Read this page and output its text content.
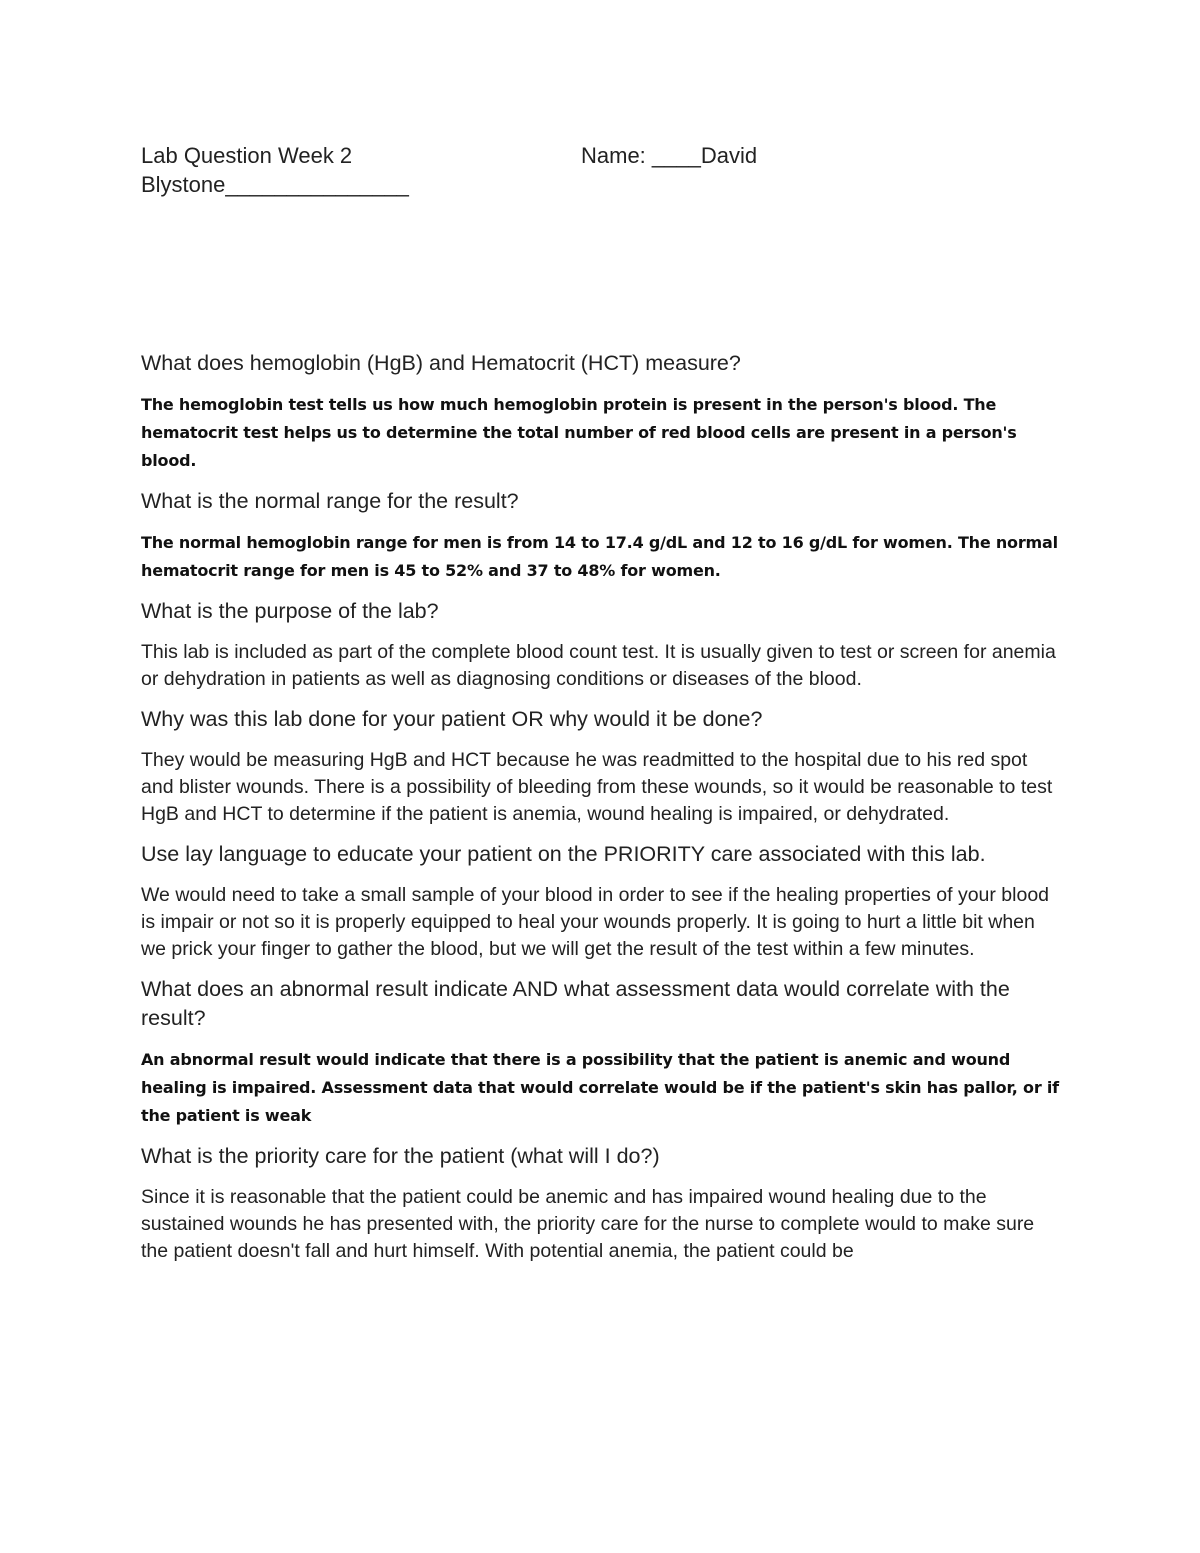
Lab Question Week 2	Name: ____David
Blystone_______________
What does hemoglobin (HgB) and Hematocrit (HCT) measure?
The hemoglobin test tells us how much hemoglobin protein is present in the person's blood. The hematocrit test helps us to determine the total number of red blood cells are present in a person's blood.
What is the normal range for the result?
The normal hemoglobin range for men is from 14 to 17.4 g/dL and 12 to 16 g/dL for women. The normal hematocrit range for men is 45 to 52% and 37 to 48% for women.
What is the purpose of the lab?
This lab is included as part of the complete blood count test. It is usually given to test or screen for anemia or dehydration in patients as well as diagnosing conditions or diseases of the blood.
Why was this lab done for your patient OR why would it be done?
They would be measuring HgB and HCT because he was readmitted to the hospital due to his red spot and blister wounds. There is a possibility of bleeding from these wounds, so it would be reasonable to test HgB and HCT to determine if the patient is anemia, wound healing is impaired, or dehydrated.
Use lay language to educate your patient on the PRIORITY care associated with this lab.
We would need to take a small sample of your blood in order to see if the healing properties of your blood is impair or not so it is properly equipped to heal your wounds properly. It is going to hurt a little bit when we prick your finger to gather the blood, but we will get the result of the test within a few minutes.
What does an abnormal result indicate AND what assessment data would correlate with the result?
An abnormal result would indicate that there is a possibility that the patient is anemic and wound healing is impaired. Assessment data that would correlate would be if the patient's skin has pallor, or if the patient is weak
What is the priority care for the patient (what will I do?)
Since it is reasonable that the patient could be anemic and has impaired wound healing due to the sustained wounds he has presented with, the priority care for the nurse to complete would to make sure the patient doesn't fall and hurt himself. With potential anemia, the patient could be
